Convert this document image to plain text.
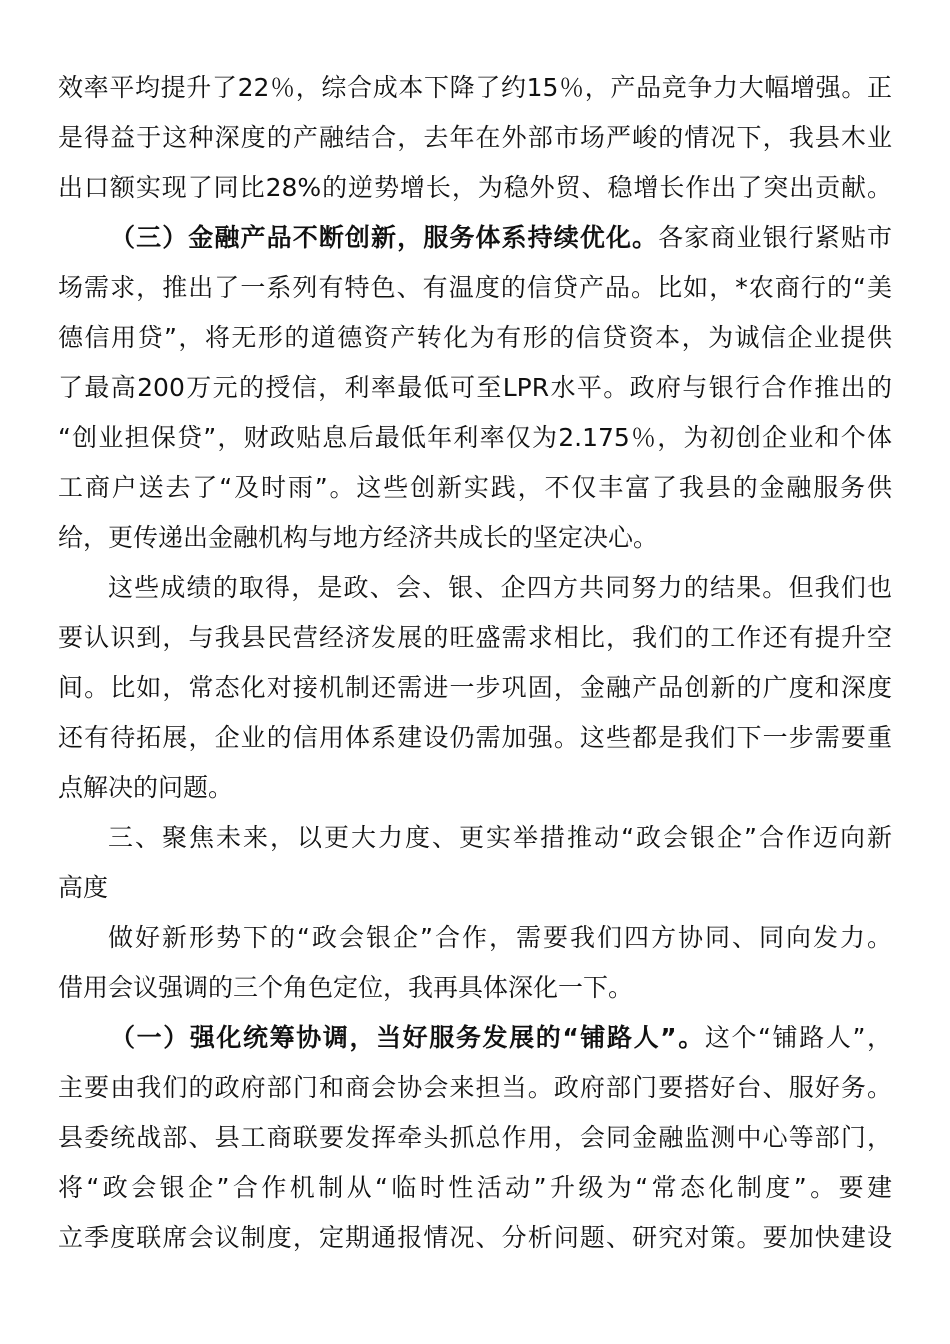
效率平均提升了22％，综合成本下降了约15％，产品竞争力大幅增强。正
是得益于这种深度的产融结合，去年在外部市场严峻的情况下，我县木业
出口额实现了同比28%的逆势增长，为稳外贸、稳增长作出了突出贡献。
（三）金融产品不断创新，服务体系持续优化。各家商业银行紧贴市
场需求，推出了一系列有特色、有温度的信贷产品。比如，*农商行的“美
德信用贷”，将无形的道德资产转化为有形的信贷资本，为诚信企业提供
了最高200万元的授信，利率最低可至LPR水平。政府与银行合作推出的
“创业担保贷”，财政贴息后最低年利率仅为2.175％，为初创企业和个体
工商户送去了“及时雨”。这些创新实践，不仅丰富了我县的金融服务供
给，更传递出金融机构与地方经济共成长的坚定决心。
这些成绩的取得，是政、会、银、企四方共同努力的结果。但我们也
要认识到，与我县民营经济发展的旺盛需求相比，我们的工作还有提升空
间。比如，常态化对接机制还需进一步巩固，金融产品创新的广度和深度
还有待拓展，企业的信用体系建设仍需加强。这些都是我们下一步需要重
点解决的问题。
三、聚焦未来，以更大力度、更实举措推动“政会银企”合作迈向新
高度
做好新形势下的“政会银企”合作，需要我们四方协同、同向发力。
借用会议强调的三个角色定位，我再具体深化一下。
（一）强化统筹协调，当好服务发展的“铺路人”。这个“铺路人”，
主要由我们的政府部门和商会协会来担当。政府部门要搭好台、服好务。
县委统战部、县工商联要发挥牵头抓总作用，会同金融监测中心等部门，
将“政会银企”合作机制从“临时性活动”升级为“常态化制度”。要建
立季度联席会议制度，定期通报情况、分析问题、研究对策。要加快建设
